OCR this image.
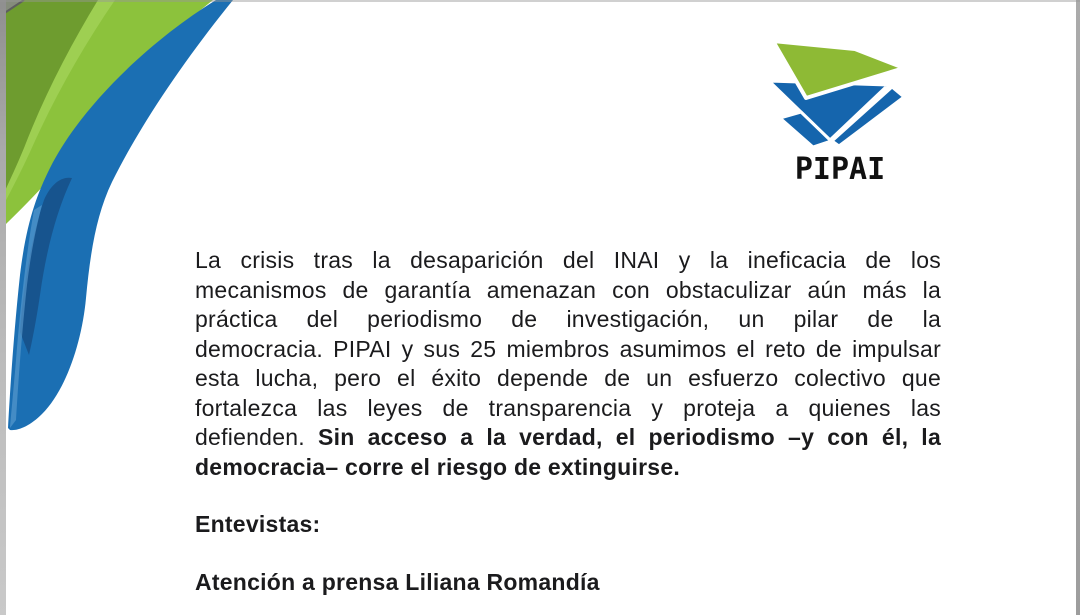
PIPAI
La crisis tras la desaparición del INAI y la ineficacia de los
mecanismos de garantía amenazan con obstaculizar aún más la
práctica del periodismo de investigación, un pilar de la
democracia. PIPAI y sus 25 miembros asumimos el reto de impulsar
esta lucha, pero el éxito depende de un esfuerzo colectivo que
fortalezca las leyes de transparencia y proteja a quienes las
defienden. Sin acceso a la verdad, el periodismo –y con él, la
democracia– corre el riesgo de extinguirse.
Entevistas:
Atención a prensa Liliana Romandía
